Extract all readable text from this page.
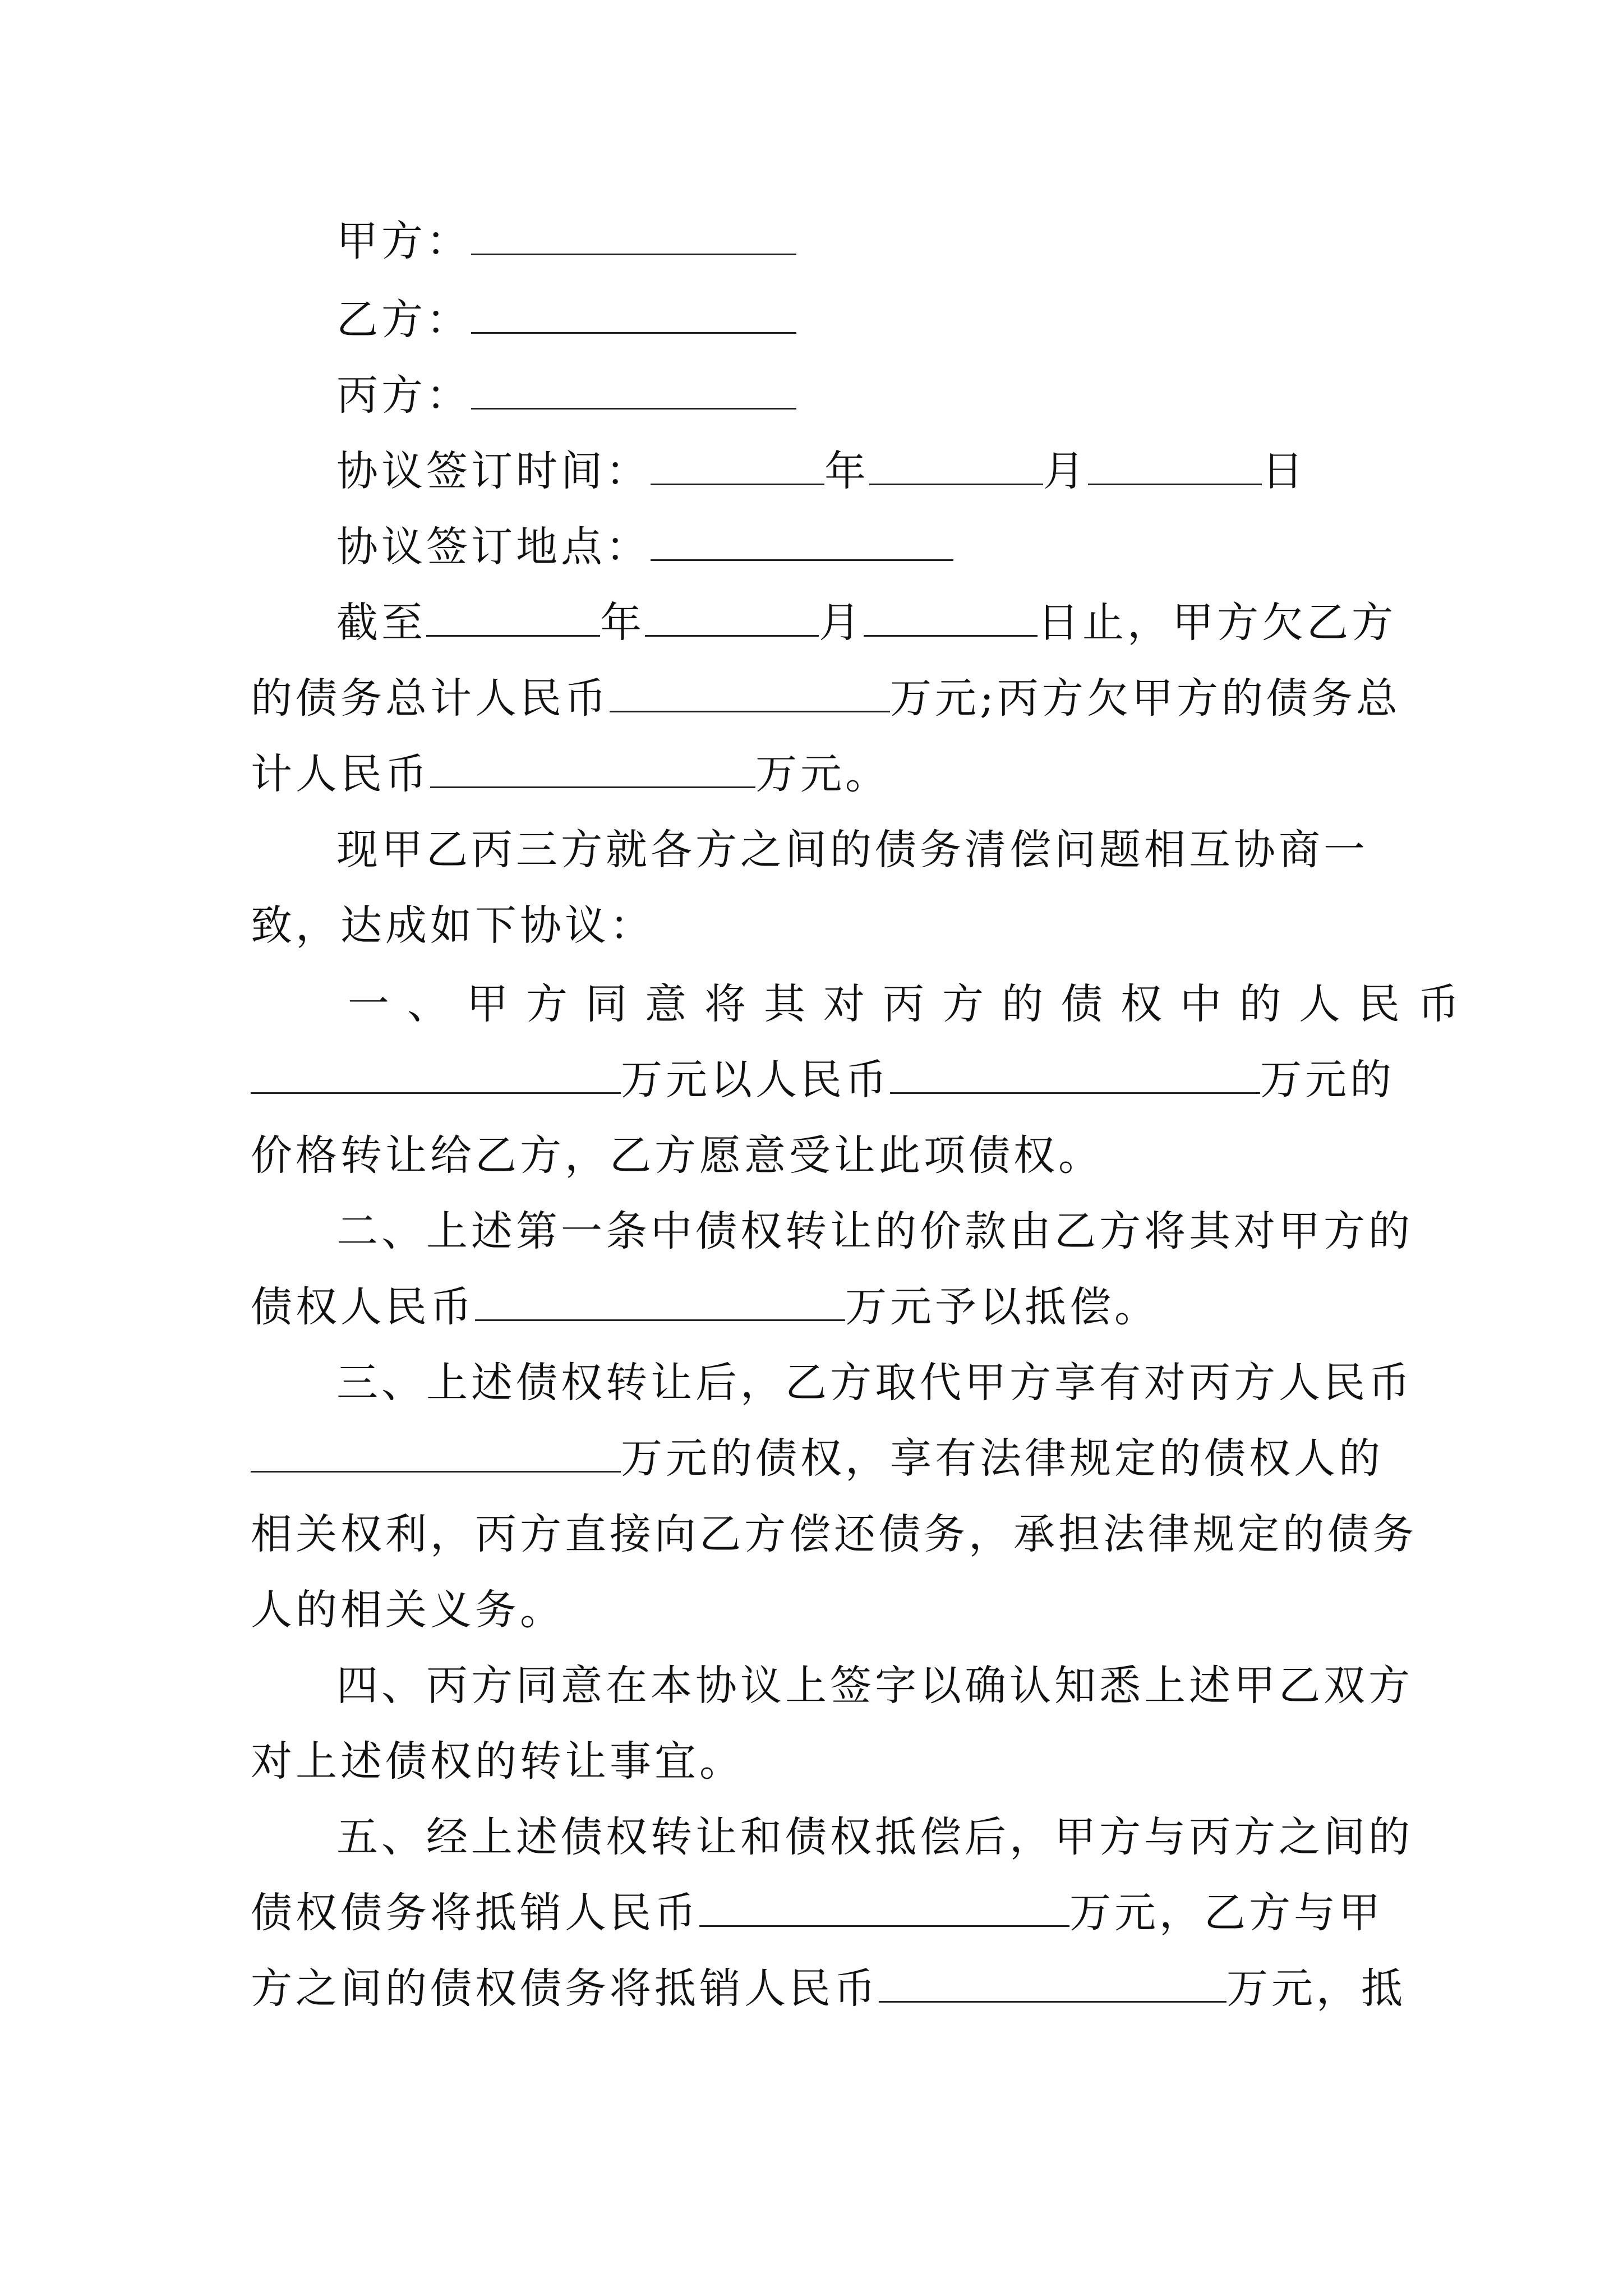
甲方：
乙方：
丙方：
协议签订时间：	年	月	日
协议签订地点：
截至	年	月	日止，甲方欠乙方
的债务总计人民币	万元;丙方欠甲方的债务总
计人民币	万元。
现甲乙丙三方就各方之间的债务清偿问题相互协商一
致，达成如下协议：
一、甲方同意将其对丙方的债权中的人民币
万元以人民币	万元的
价格转让给乙方，乙方愿意受让此项债权。
二、上述第一条中债权转让的价款由乙方将其对甲方的
债权人民币	万元予以抵偿。
三、上述债权转让后，乙方取代甲方享有对丙方人民币
万元的债权，享有法律规定的债权人的
相关权利，丙方直接向乙方偿还债务，承担法律规定的债务
人的相关义务。
四、丙方同意在本协议上签字以确认知悉上述甲乙双方
对上述债权的转让事宜。
五、经上述债权转让和债权抵偿后，甲方与丙方之间的
债权债务将抵销人民币	万元，乙方与甲
方之间的债权债务将抵销人民币	万元，抵
